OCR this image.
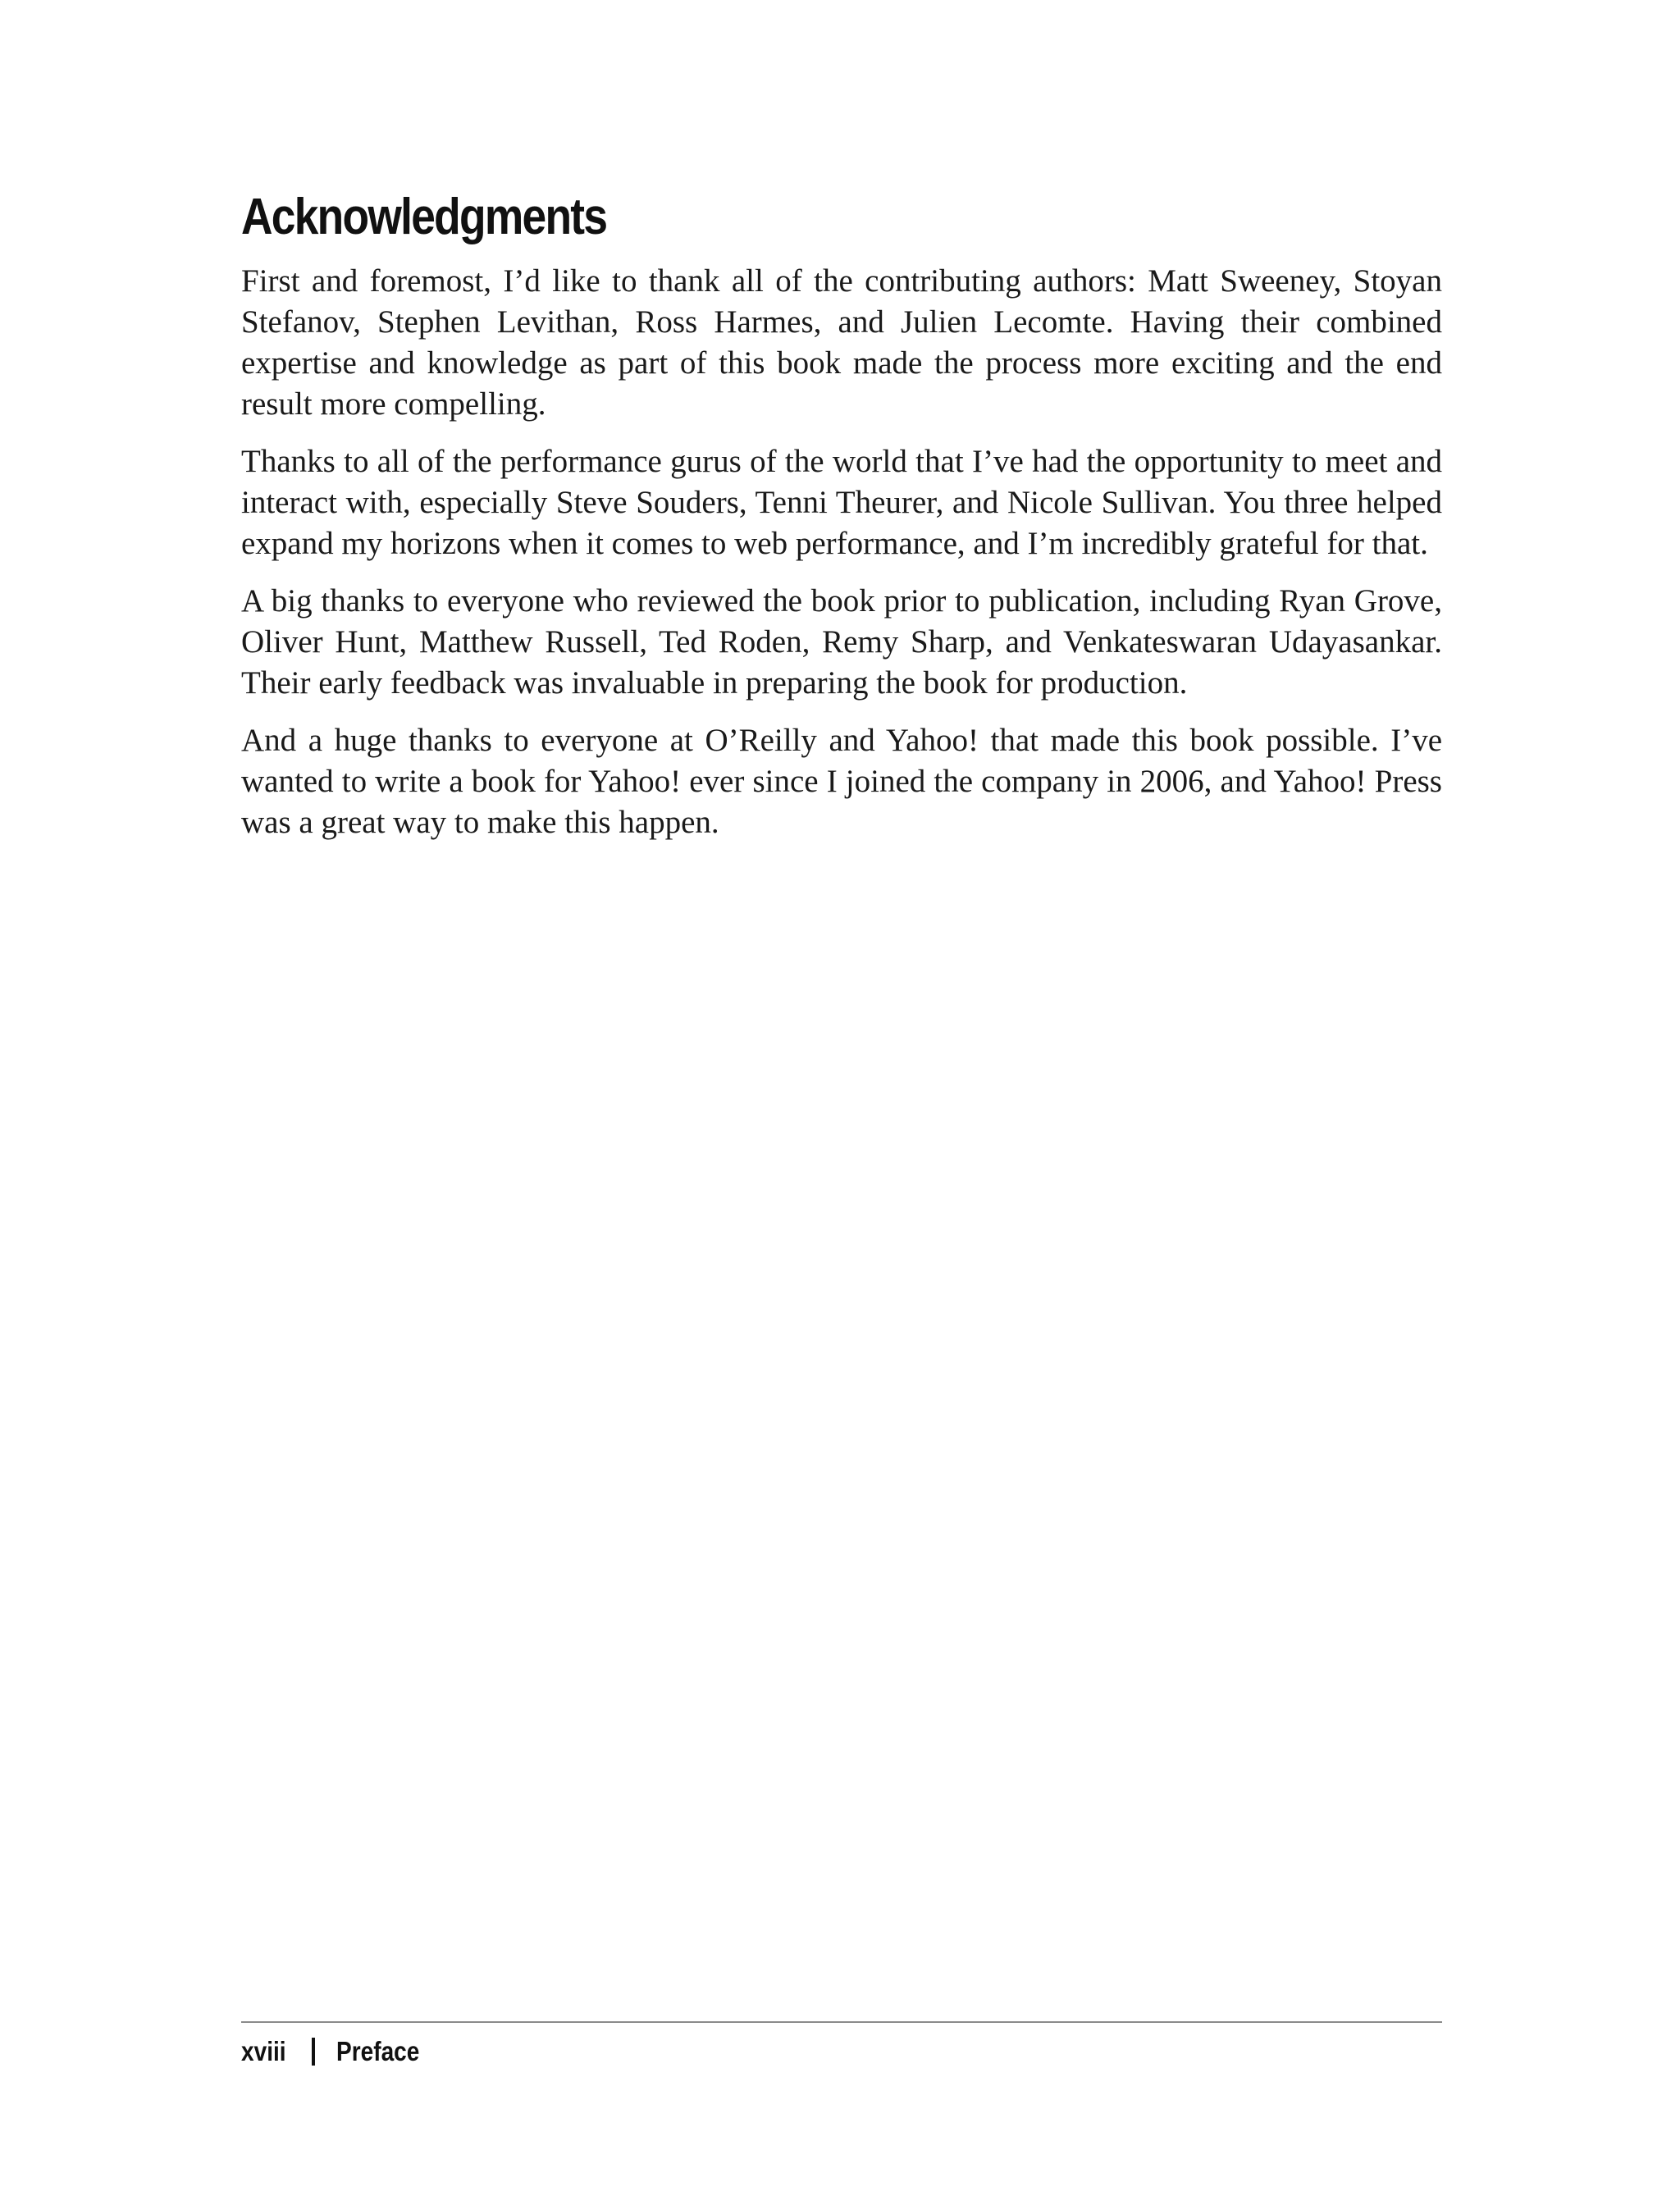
Acknowledgments

First and foremost, I’d like to thank all of the contributing authors: Matt Sweeney, Stoyan Stefanov, Stephen Levithan, Ross Harmes, and Julien Lecomte. Having their combined expertise and knowledge as part of this book made the process more exciting and the end result more compelling.

Thanks to all of the performance gurus of the world that I’ve had the opportunity to meet and interact with, especially Steve Souders, Tenni Theurer, and Nicole Sullivan. You three helped expand my horizons when it comes to web performance, and I’m incredibly grateful for that.

A big thanks to everyone who reviewed the book prior to publication, including Ryan Grove, Oliver Hunt, Matthew Russell, Ted Roden, Remy Sharp, and Venkateswaran Udayasankar. Their early feedback was invaluable in preparing the book for production.

And a huge thanks to everyone at O’Reilly and Yahoo! that made this book possible. I’ve wanted to write a book for Yahoo! ever since I joined the company in 2006, and Yahoo! Press was a great way to make this happen.

xviii Preface
